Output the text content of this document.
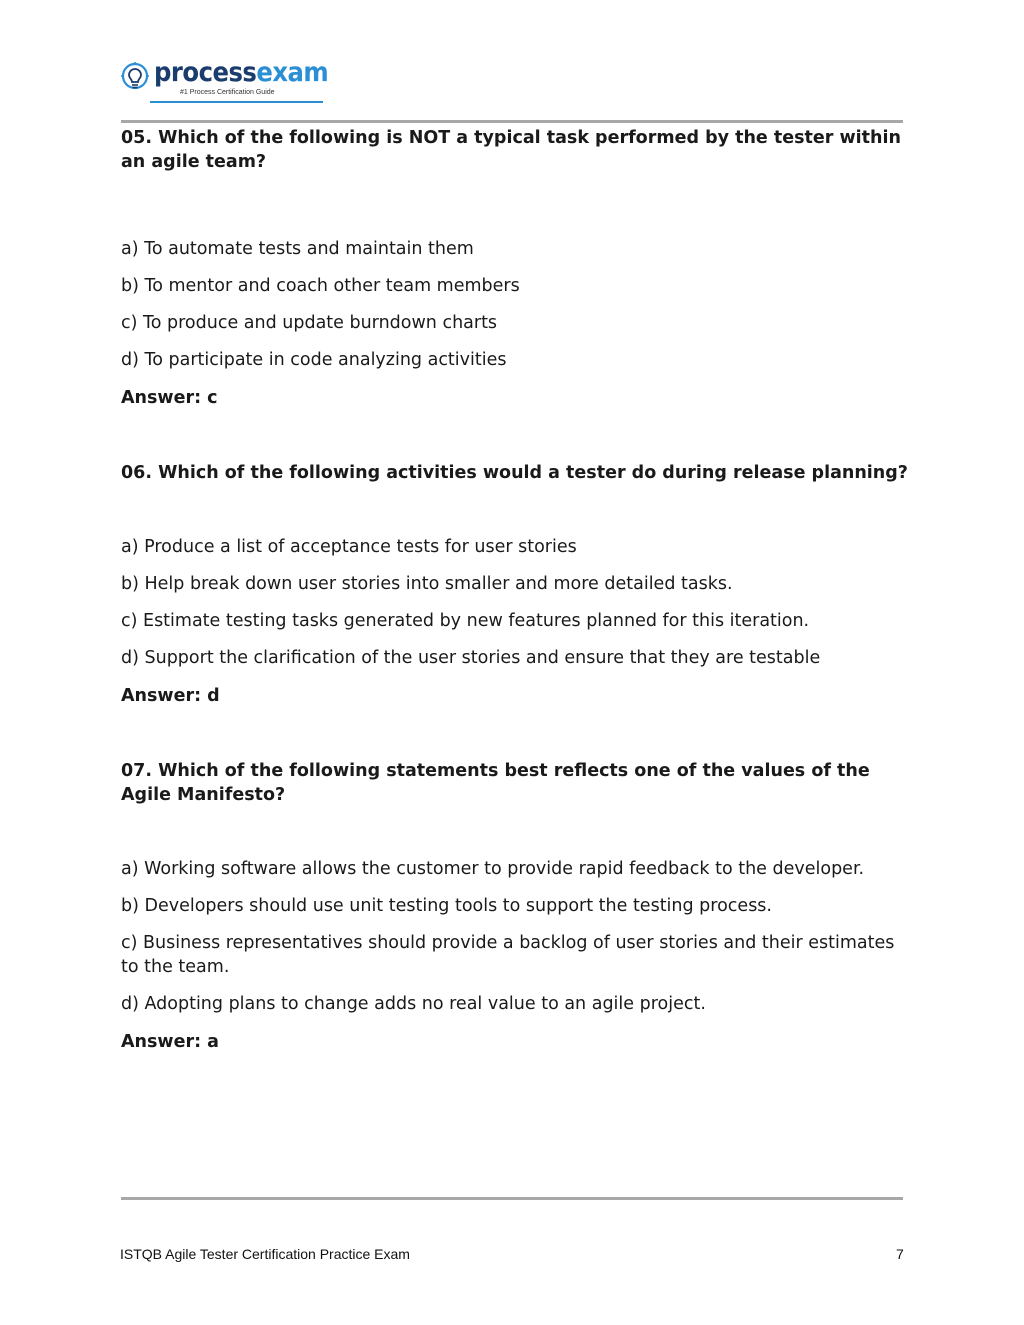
processexam
#1 Process Certification Guide

05. Which of the following is NOT a typical task performed by the tester within an agile team?

a) To automate tests and maintain them
b) To mentor and coach other team members
c) To produce and update burndown charts
d) To participate in code analyzing activities

Answer: c

06. Which of the following activities would a tester do during release planning?

a) Produce a list of acceptance tests for user stories
b) Help break down user stories into smaller and more detailed tasks.
c) Estimate testing tasks generated by new features planned for this iteration.
d) Support the clarification of the user stories and ensure that they are testable

Answer: d

07. Which of the following statements best reflects one of the values of the Agile Manifesto?

a) Working software allows the customer to provide rapid feedback to the developer.
b) Developers should use unit testing tools to support the testing process.
c) Business representatives should provide a backlog of user stories and their estimates to the team.
d) Adopting plans to change adds no real value to an agile project.

Answer: a

ISTQB Agile Tester Certification Practice Exam	7
